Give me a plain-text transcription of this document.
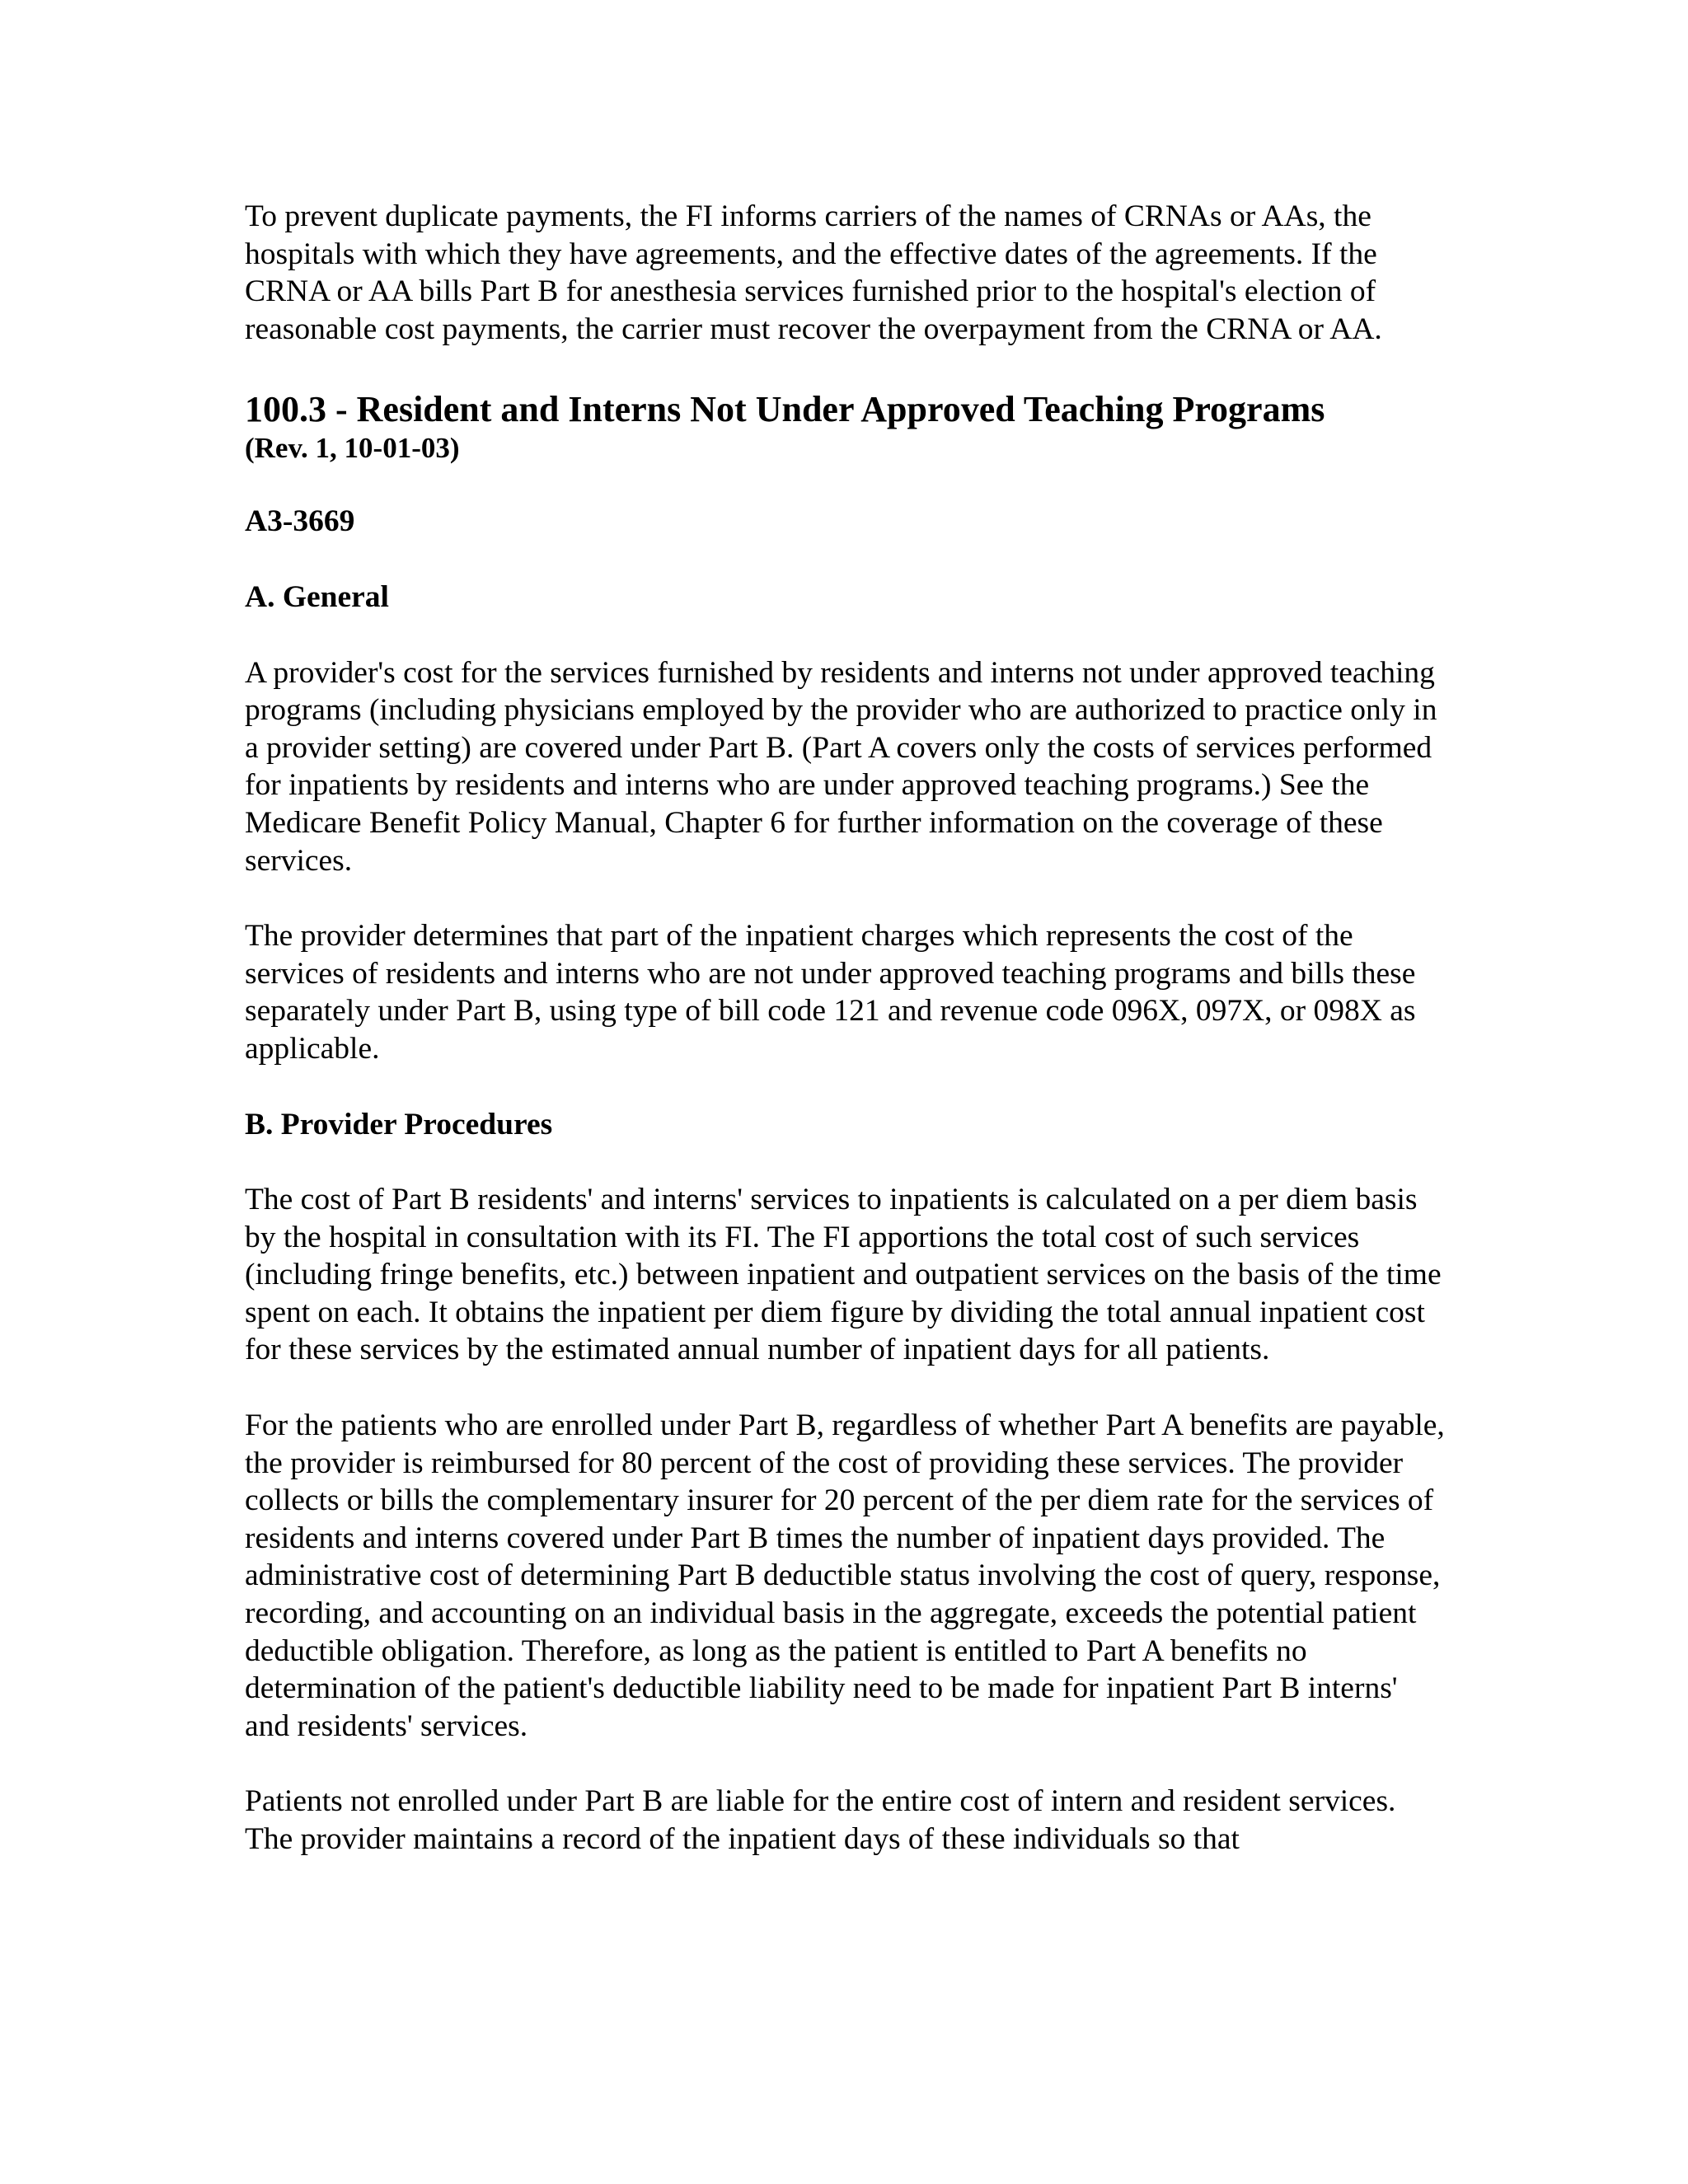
To prevent duplicate payments, the FI informs carriers of the names of CRNAs or AAs, the hospitals with which they have agreements, and the effective dates of the agreements. If the CRNA or AA bills Part B for anesthesia services furnished prior to the hospital's election of reasonable cost payments, the carrier must recover the overpayment from the CRNA or AA.

100.3 - Resident and Interns Not Under Approved Teaching Programs
(Rev. 1, 10-01-03)
A3-3669
A. General

A provider's cost for the services furnished by residents and interns not under approved teaching programs (including physicians employed by the provider who are authorized to practice only in a provider setting) are covered under Part B. (Part A covers only the costs of services performed for inpatients by residents and interns who are under approved teaching programs.) See the Medicare Benefit Policy Manual, Chapter 6 for further information on the coverage of these services.

The provider determines that part of the inpatient charges which represents the cost of the services of residents and interns who are not under approved teaching programs and bills these separately under Part B, using type of bill code 121 and revenue code 096X, 097X, or 098X as applicable.

B. Provider Procedures

The cost of Part B residents' and interns' services to inpatients is calculated on a per diem basis by the hospital in consultation with its FI. The FI apportions the total cost of such services (including fringe benefits, etc.) between inpatient and outpatient services on the basis of the time spent on each. It obtains the inpatient per diem figure by dividing the total annual inpatient cost for these services by the estimated annual number of inpatient days for all patients.

For the patients who are enrolled under Part B, regardless of whether Part A benefits are payable, the provider is reimbursed for 80 percent of the cost of providing these services. The provider collects or bills the complementary insurer for 20 percent of the per diem rate for the services of residents and interns covered under Part B times the number of inpatient days provided. The administrative cost of determining Part B deductible status involving the cost of query, response, recording, and accounting on an individual basis in the aggregate, exceeds the potential patient deductible obligation. Therefore, as long as the patient is entitled to Part A benefits no determination of the patient's deductible liability need to be made for inpatient Part B interns' and residents' services.

Patients not enrolled under Part B are liable for the entire cost of intern and resident services. The provider maintains a record of the inpatient days of these individuals so that
